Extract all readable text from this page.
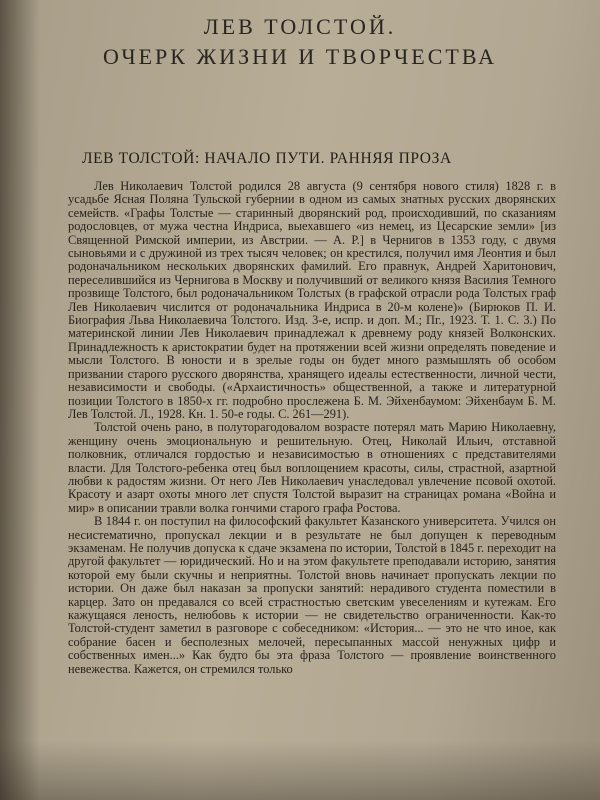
ЛЕВ ТОЛСТОЙ.
ОЧЕРК ЖИЗНИ И ТВОРЧЕСТВА
ЛЕВ ТОЛСТОЙ: НАЧАЛО ПУТИ. РАННЯЯ ПРОЗА

Лев Николаевич Толстой родился 28 августа (9 сентября нового стиля) 1828 г. в усадьбе Ясная Поляна Тульской губернии в одном из самых знатных русских дворянских семейств. «Графы Толстые — старинный дворянский род, происходивший, по сказаниям родословцев, от мужа честна Индриса, выехавшего «из немец, из Цесарские земли» [из Священной Римской империи, из Австрии. — А. Р.] в Чернигов в 1353 году, с двумя сыновьями и с дружиной из трех тысяч человек; он крестился, получил имя Леонтия и был родоначальником нескольких дворянских фамилий. Его правнук, Андрей Харитонович, переселившийся из Чернигова в Москву и получивший от великого князя Василия Темного прозвище Толстого, был родоначальником Толстых (в графской отрасли рода Толстых граф Лев Николаевич числится от родоначальника Индриса в 20-м колене)» (Бирюков П. И. Биография Льва Николаевича Толстого. Изд. 3-е, испр. и доп. М.; Пг., 1923. Т. 1. С. 3.) По материнской линии Лев Николаевич принадлежал к древнему роду князей Волконских. Принадлежность к аристократии будет на протяжении всей жизни определять поведение и мысли Толстого. В юности и в зрелые годы он будет много размышлять об особом призвании старого русского дворянства, хранящего идеалы естественности, личной чести, независимости и свободы. («Архаистичность» общественной, а также и литературной позиции Толстого в 1850-х гг. подробно прослежена Б. М. Эйхенбаумом: Эйхенбаум Б. М. Лев Толстой. Л., 1928. Кн. 1. 50-е годы. С. 261—291).

Толстой очень рано, в полуторагодовалом возрасте потерял мать Марию Николаевну, женщину очень эмоциональную и решительную. Отец, Николай Ильич, отставной полковник, отличался гордостью и независимостью в отношениях с представителями власти. Для Толстого-ребенка отец был воплощением красоты, силы, страстной, азартной любви к радостям жизни. От него Лев Николаевич унаследовал увлечение псовой охотой. Красоту и азарт охоты много лет спустя Толстой выразит на страницах романа «Война и мир» в описании травли волка гончими старого графа Ростова.

В 1844 г. он поступил на философский факультет Казанского университета. Учился он несистематично, пропускал лекции и в результате не был допущен к переводным экзаменам. Не получив допуска к сдаче экзамена по истории, Толстой в 1845 г. переходит на другой факультет — юридический. Но и на этом факультете преподавали историю, занятия которой ему были скучны и неприятны. Толстой вновь начинает пропускать лекции по истории. Он даже был наказан за пропуски занятий: нерадивого студента поместили в карцер. Зато он предавался со всей страстностью светским увеселениям и кутежам. Его кажущаяся леность, нелюбовь к истории — не свидетельство ограниченности. Как-то Толстой-студент заметил в разговоре с собеседником: «История... — это не что иное, как собрание басен и бесполезных мелочей, пересыпанных массой ненужных цифр и собственных имен...» Как будто бы эта фраза Толстого — проявление воинственного невежества. Кажется, он стремился только
